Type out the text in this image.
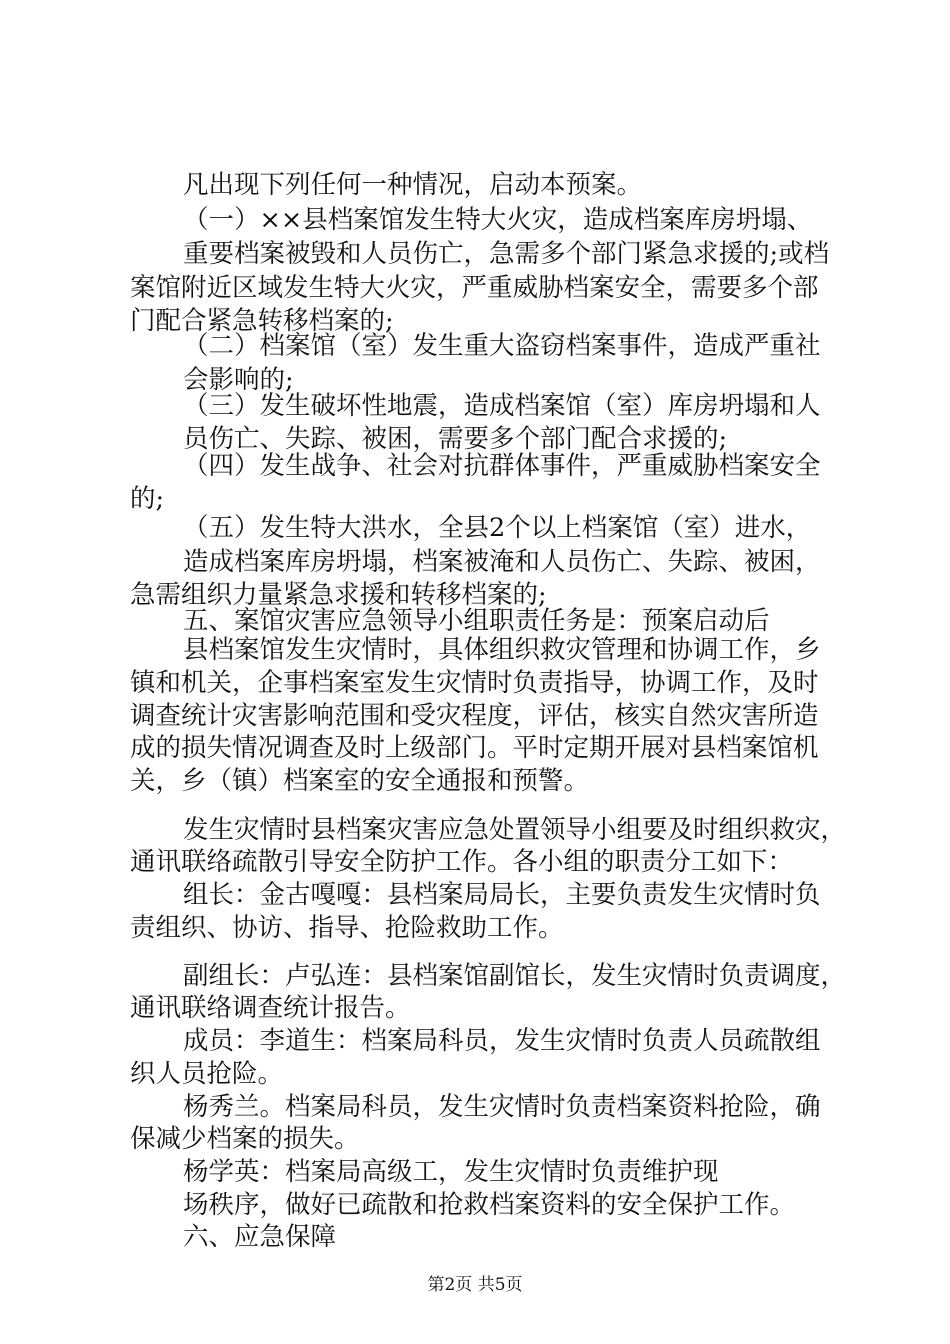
凡出现下列任何一种情况，启动本预案。
（一）××县档案馆发生特大火灾，造成档案库房坍塌、
重要档案被毁和人员伤亡，急需多个部门紧急求援的;或档
案馆附近区域发生特大火灾，严重威胁档案安全，需要多个部
门配合紧急转移档案的;
（二）档案馆（室）发生重大盗窃档案事件，造成严重社
会影响的;
（三）发生破坏性地震，造成档案馆（室）库房坍塌和人
员伤亡、失踪、被困，需要多个部门配合求援的;
（四）发生战争、社会对抗群体事件，严重威胁档案安全
的;
（五）发生特大洪水，全县2个以上档案馆（室）进水，
造成档案库房坍塌，档案被淹和人员伤亡、失踪、被困，
急需组织力量紧急求援和转移档案的;
五、案馆灾害应急领导小组职责任务是：预案启动后
县档案馆发生灾情时，具体组织救灾管理和协调工作，乡
镇和机关，企事档案室发生灾情时负责指导，协调工作，及时
调查统计灾害影响范围和受灾程度，评估，核实自然灾害所造
成的损失情况调查及时上级部门。平时定期开展对县档案馆机
关，乡（镇）档案室的安全通报和预警。
发生灾情时县档案灾害应急处置领导小组要及时组织救灾，
通讯联络疏散引导安全防护工作。各小组的职责分工如下：
组长：金古嘎嘎：县档案局局长，主要负责发生灾情时负
责组织、协访、指导、抢险救助工作。
副组长：卢弘连：县档案馆副馆长，发生灾情时负责调度，
通讯联络调查统计报告。
成员：李道生：档案局科员，发生灾情时负责人员疏散组
织人员抢险。
杨秀兰。档案局科员，发生灾情时负责档案资料抢险，确
保减少档案的损失。
杨学英：档案局高级工，发生灾情时负责维护现
场秩序，做好已疏散和抢救档案资料的安全保护工作。
六、应急保障
第2页 共5页
